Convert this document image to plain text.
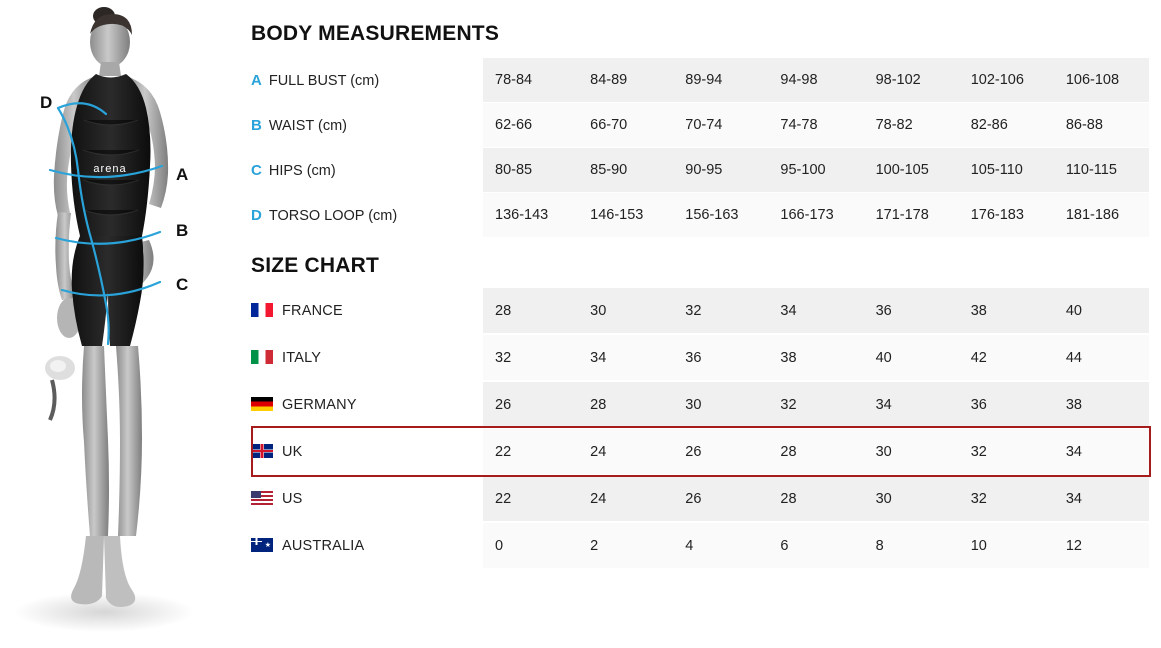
arena
D
A
B
C
BODY MEASUREMENTS
A FULL BUST (cm)	78-84	84-89	89-94	94-98	98-102	102-106	106-108
B WAIST (cm)	62-66	66-70	70-74	74-78	78-82	82-86	86-88
C HIPS (cm)	80-85	85-90	90-95	95-100	100-105	105-110	110-115
D TORSO LOOP (cm)	136-143	146-153	156-163	166-173	171-178	176-183	181-186
SIZE CHART
FRANCE	28	30	32	34	36	38	40
ITALY	32	34	36	38	40	42	44
GERMANY	26	28	30	32	34	36	38
UK	22	24	26	28	30	32	34
US	22	24	26	28	30	32	34
★AUSTRALIA	0	2	4	6	8	10	12
